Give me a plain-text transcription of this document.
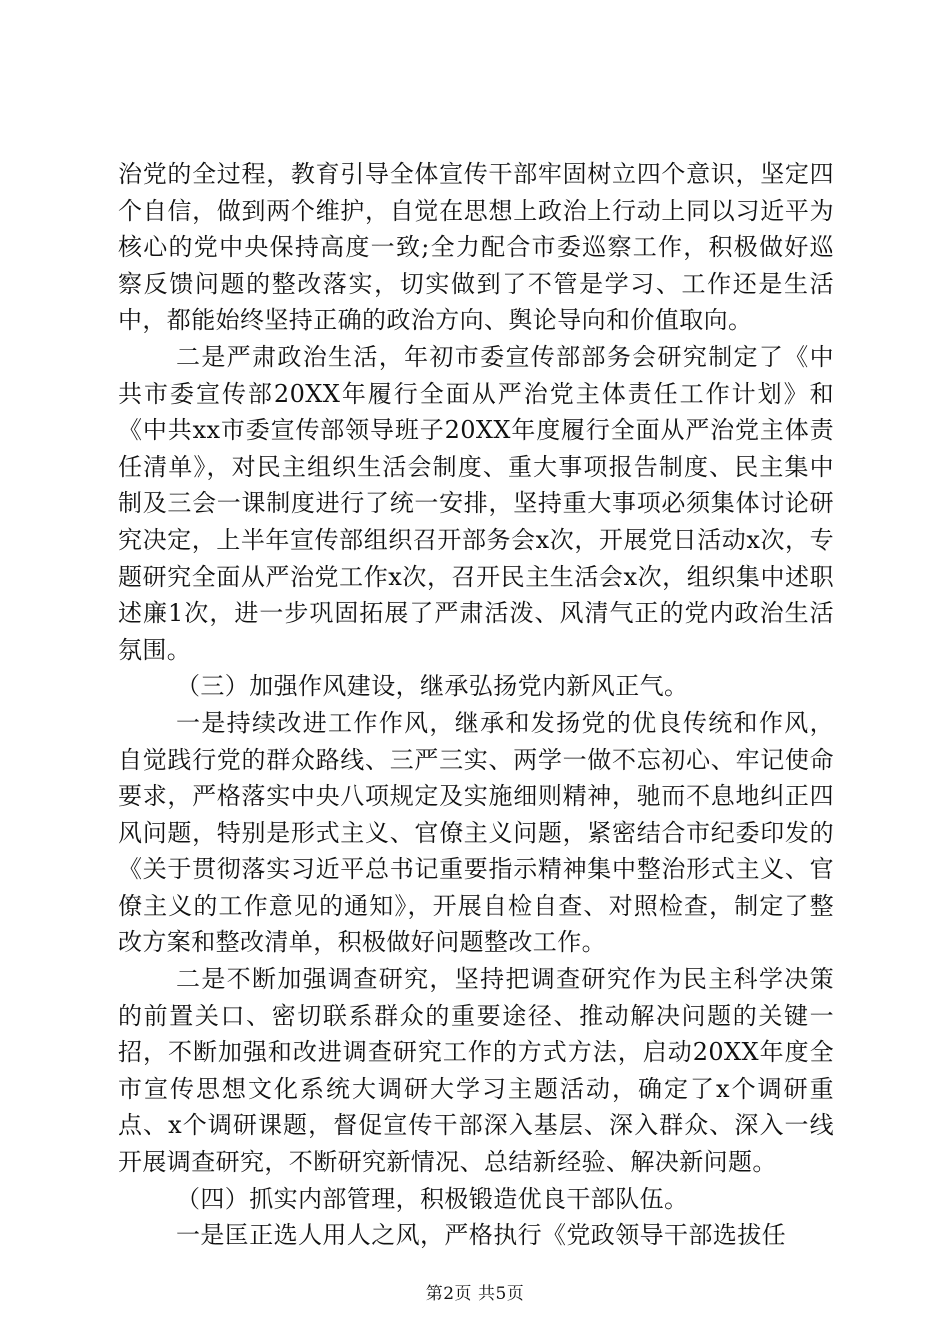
治党的全过程，教育引导全体宣传干部牢固树立四个意识，坚定四个自信，做到两个维护，自觉在思想上政治上行动上同以习近平为核心的党中央保持高度一致;全力配合市委巡察工作，积极做好巡察反馈问题的整改落实，切实做到了不管是学习、工作还是生活中，都能始终坚持正确的政治方向、舆论导向和价值取向。

二是严肃政治生活，年初市委宣传部部务会研究制定了《中共市委宣传部20XX年履行全面从严治党主体责任工作计划》和《中共xx市委宣传部领导班子20XX年度履行全面从严治党主体责任清单》，对民主组织生活会制度、重大事项报告制度、民主集中制及三会一课制度进行了统一安排，坚持重大事项必须集体讨论研究决定，上半年宣传部组织召开部务会x次，开展党日活动x次，专题研究全面从严治党工作x次，召开民主生活会x次，组织集中述职述廉1次，进一步巩固拓展了严肃活泼、风清气正的党内政治生活氛围。

（三）加强作风建设，继承弘扬党内新风正气。

一是持续改进工作作风，继承和发扬党的优良传统和作风，自觉践行党的群众路线、三严三实、两学一做不忘初心、牢记使命要求，严格落实中央八项规定及实施细则精神，驰而不息地纠正四风问题，特别是形式主义、官僚主义问题，紧密结合市纪委印发的《关于贯彻落实习近平总书记重要指示精神集中整治形式主义、官僚主义的工作意见的通知》，开展自检自查、对照检查，制定了整改方案和整改清单，积极做好问题整改工作。

二是不断加强调查研究，坚持把调查研究作为民主科学决策的前置关口、密切联系群众的重要途径、推动解决问题的关键一招，不断加强和改进调查研究工作的方式方法，启动20XX年度全市宣传思想文化系统大调研大学习主题活动，确定了x个调研重点、x个调研课题，督促宣传干部深入基层、深入群众、深入一线开展调查研究，不断研究新情况、总结新经验、解决新问题。

（四）抓实内部管理，积极锻造优良干部队伍。

一是匡正选人用人之风，严格执行《党政领导干部选拔任

第2页 共5页
